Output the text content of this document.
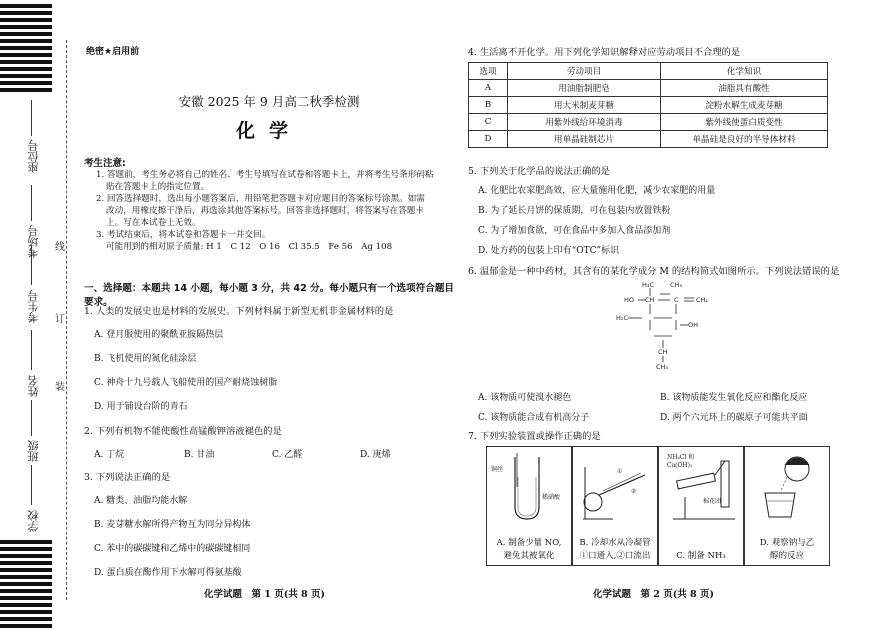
座位号
考场号
考生号
姓名
班级
学校
线
订
装
绝密★启用前
安徽 2025 年 9 月高二秋季检测
化学
考生注意:
1. 答题前，考生务必将自己的姓名、考生号填写在试卷和答题卡上，并将考生号条形码粘
贴在答题卡上的指定位置。
2. 回答选择题时，选出每小题答案后，用铅笔把答题卡对应题目的答案标号涂黑。如需
改动，用橡皮擦干净后，再选涂其他答案标号。回答非选择题时，将答案写在答题卡
上。写在本试卷上无效。
3. 考试结束后，将本试卷和答题卡一并交回。
可能用到的相对原子质量: H 1　C 12　O 16　Cl 35.5　Fe 56　Ag 108
一、选择题：本题共 14 小题，每小题 3 分，共 42 分。每小题只有一个选项符合题目要求。
1. 人类的发展史也是材料的发展史。下列材料属于新型无机非金属材料的是
A. 登月服使用的聚酰亚胺隔热层
B. 飞机使用的氮化硅涂层
C. 神舟十九号载人飞船使用的国产耐烧蚀树脂
D. 用于铺设台阶的青石
2. 下列有机物不能使酸性高锰酸钾溶液褪色的是
A. 丁烷	B. 甘油	C. 乙醛	D. 庚烯
3. 下列说法正确的是
A. 糖类、油脂均能水解
B. 麦芽糖水解所得产物互为同分异构体
C. 苯中的碳碳键和乙烯中的碳碳键相同
D. 蛋白质在酶作用下水解可得氨基酸
化学试题　第 1 页(共 8 页)
4. 生活离不开化学。用下列化学知识解释对应劳动项目不合理的是
选项	劳动项目	化学知识
A	用油脂制肥皂	油脂具有酸性
B	用大米制麦芽糖	淀粉水解生成麦芽糖
C	用紫外线给环境消毒	紫外线使蛋白质变性
D	用单晶硅制芯片	单晶硅是良好的半导体材料
5. 下列关于化学品的说法正确的是
A. 化肥比农家肥高效，应大量施用化肥，减少农家肥的用量
B. 为了延长月饼的保质期，可在包装内放置铁粉
C. 为了增加食欲，可在食品中多加入食品添加剂
D. 处方药的包装上印有“OTC”标识
6. 温郁金是一种中药材，其含有的某化学成分 M 的结构简式如图所示。下列说法错误的是
H₃C CH₃
HO CH	C	CH₂
H₂C
OH
CH
CH₃
A. 该物质可使溴水褪色	B. 该物质能发生氧化反应和酯化反应
C. 该物质能合成有机高分子	D. 两个六元环上的碳原子可能共平面
7. 下列实验装置或操作正确的是
铜丝
稀硝酸
A. 制备少量 NO,
避免其被氧化
①
②
B. 冷却水从冷凝管
①口通入,②口流出
NH₄Cl 和
Ca(OH)₂
棉花团
C. 制备 NH₃
D. 观察钠与乙
醇的反应
化学试题　第 2 页(共 8 页)
